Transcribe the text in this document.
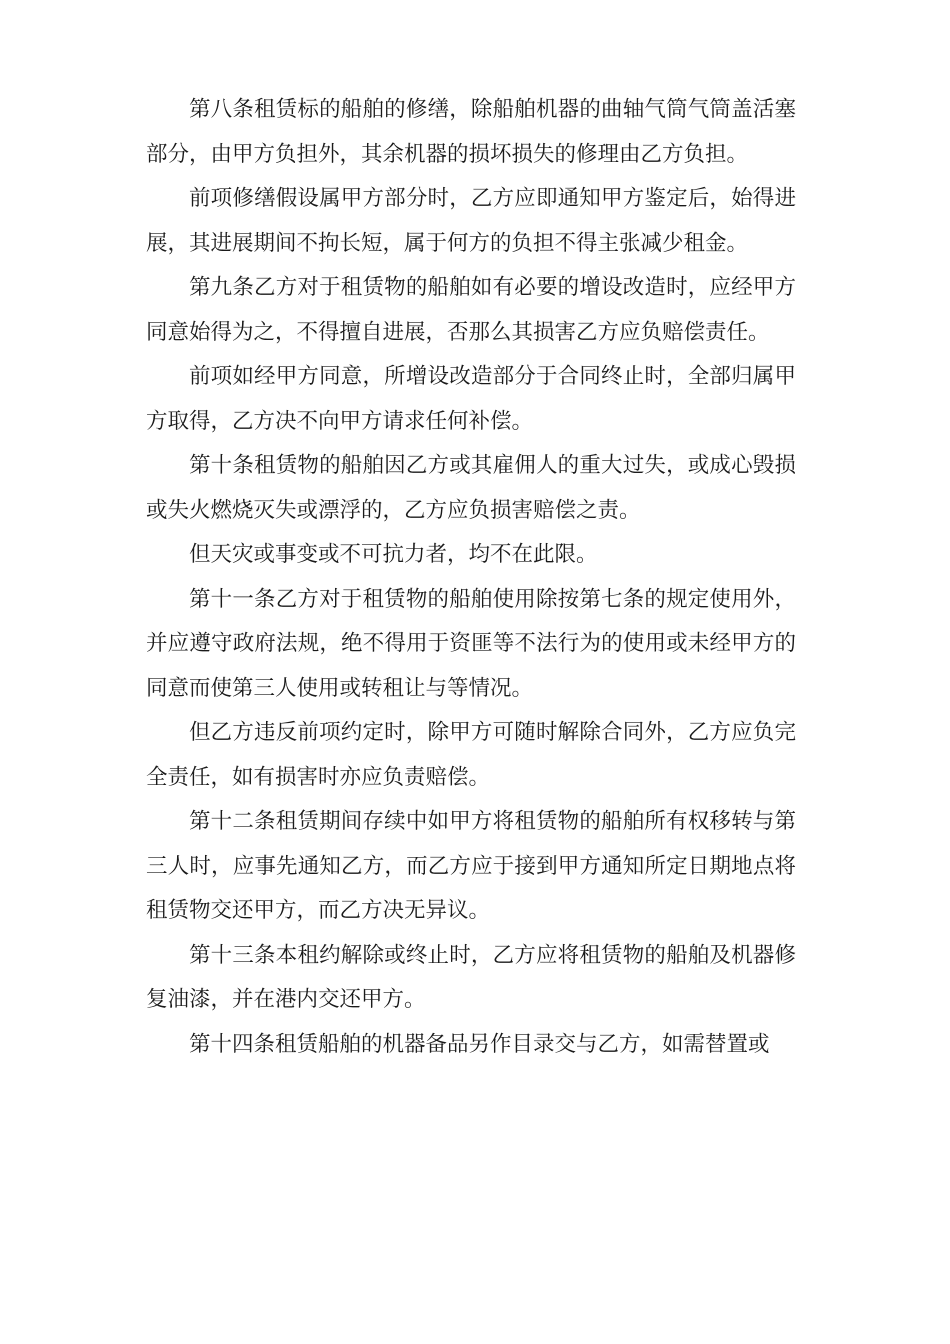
第八条租赁标的船舶的修缮，除船舶机器的曲轴气筒气筒盖活塞部分，由甲方负担外，其余机器的损坏损失的修理由乙方负担。

前项修缮假设属甲方部分时，乙方应即通知甲方鉴定后，始得进展，其进展期间不拘长短，属于何方的负担不得主张减少租金。

第九条乙方对于租赁物的船舶如有必要的增设改造时，应经甲方同意始得为之，不得擅自进展，否那么其损害乙方应负赔偿责任。

前项如经甲方同意，所增设改造部分于合同终止时，全部归属甲方取得，乙方决不向甲方请求任何补偿。

第十条租赁物的船舶因乙方或其雇佣人的重大过失，或成心毁损或失火燃烧灭失或漂浮的，乙方应负损害赔偿之责。

但天灾或事变或不可抗力者，均不在此限。

第十一条乙方对于租赁物的船舶使用除按第七条的规定使用外，并应遵守政府法规，绝不得用于资匪等不法行为的使用或未经甲方的同意而使第三人使用或转租让与等情况。

但乙方违反前项约定时，除甲方可随时解除合同外，乙方应负完全责任，如有损害时亦应负责赔偿。

第十二条租赁期间存续中如甲方将租赁物的船舶所有权移转与第三人时，应事先通知乙方，而乙方应于接到甲方通知所定日期地点将租赁物交还甲方，而乙方决无异议。

第十三条本租约解除或终止时，乙方应将租赁物的船舶及机器修复油漆，并在港内交还甲方。

第十四条租赁船舶的机器备品另作目录交与乙方，如需替置或
